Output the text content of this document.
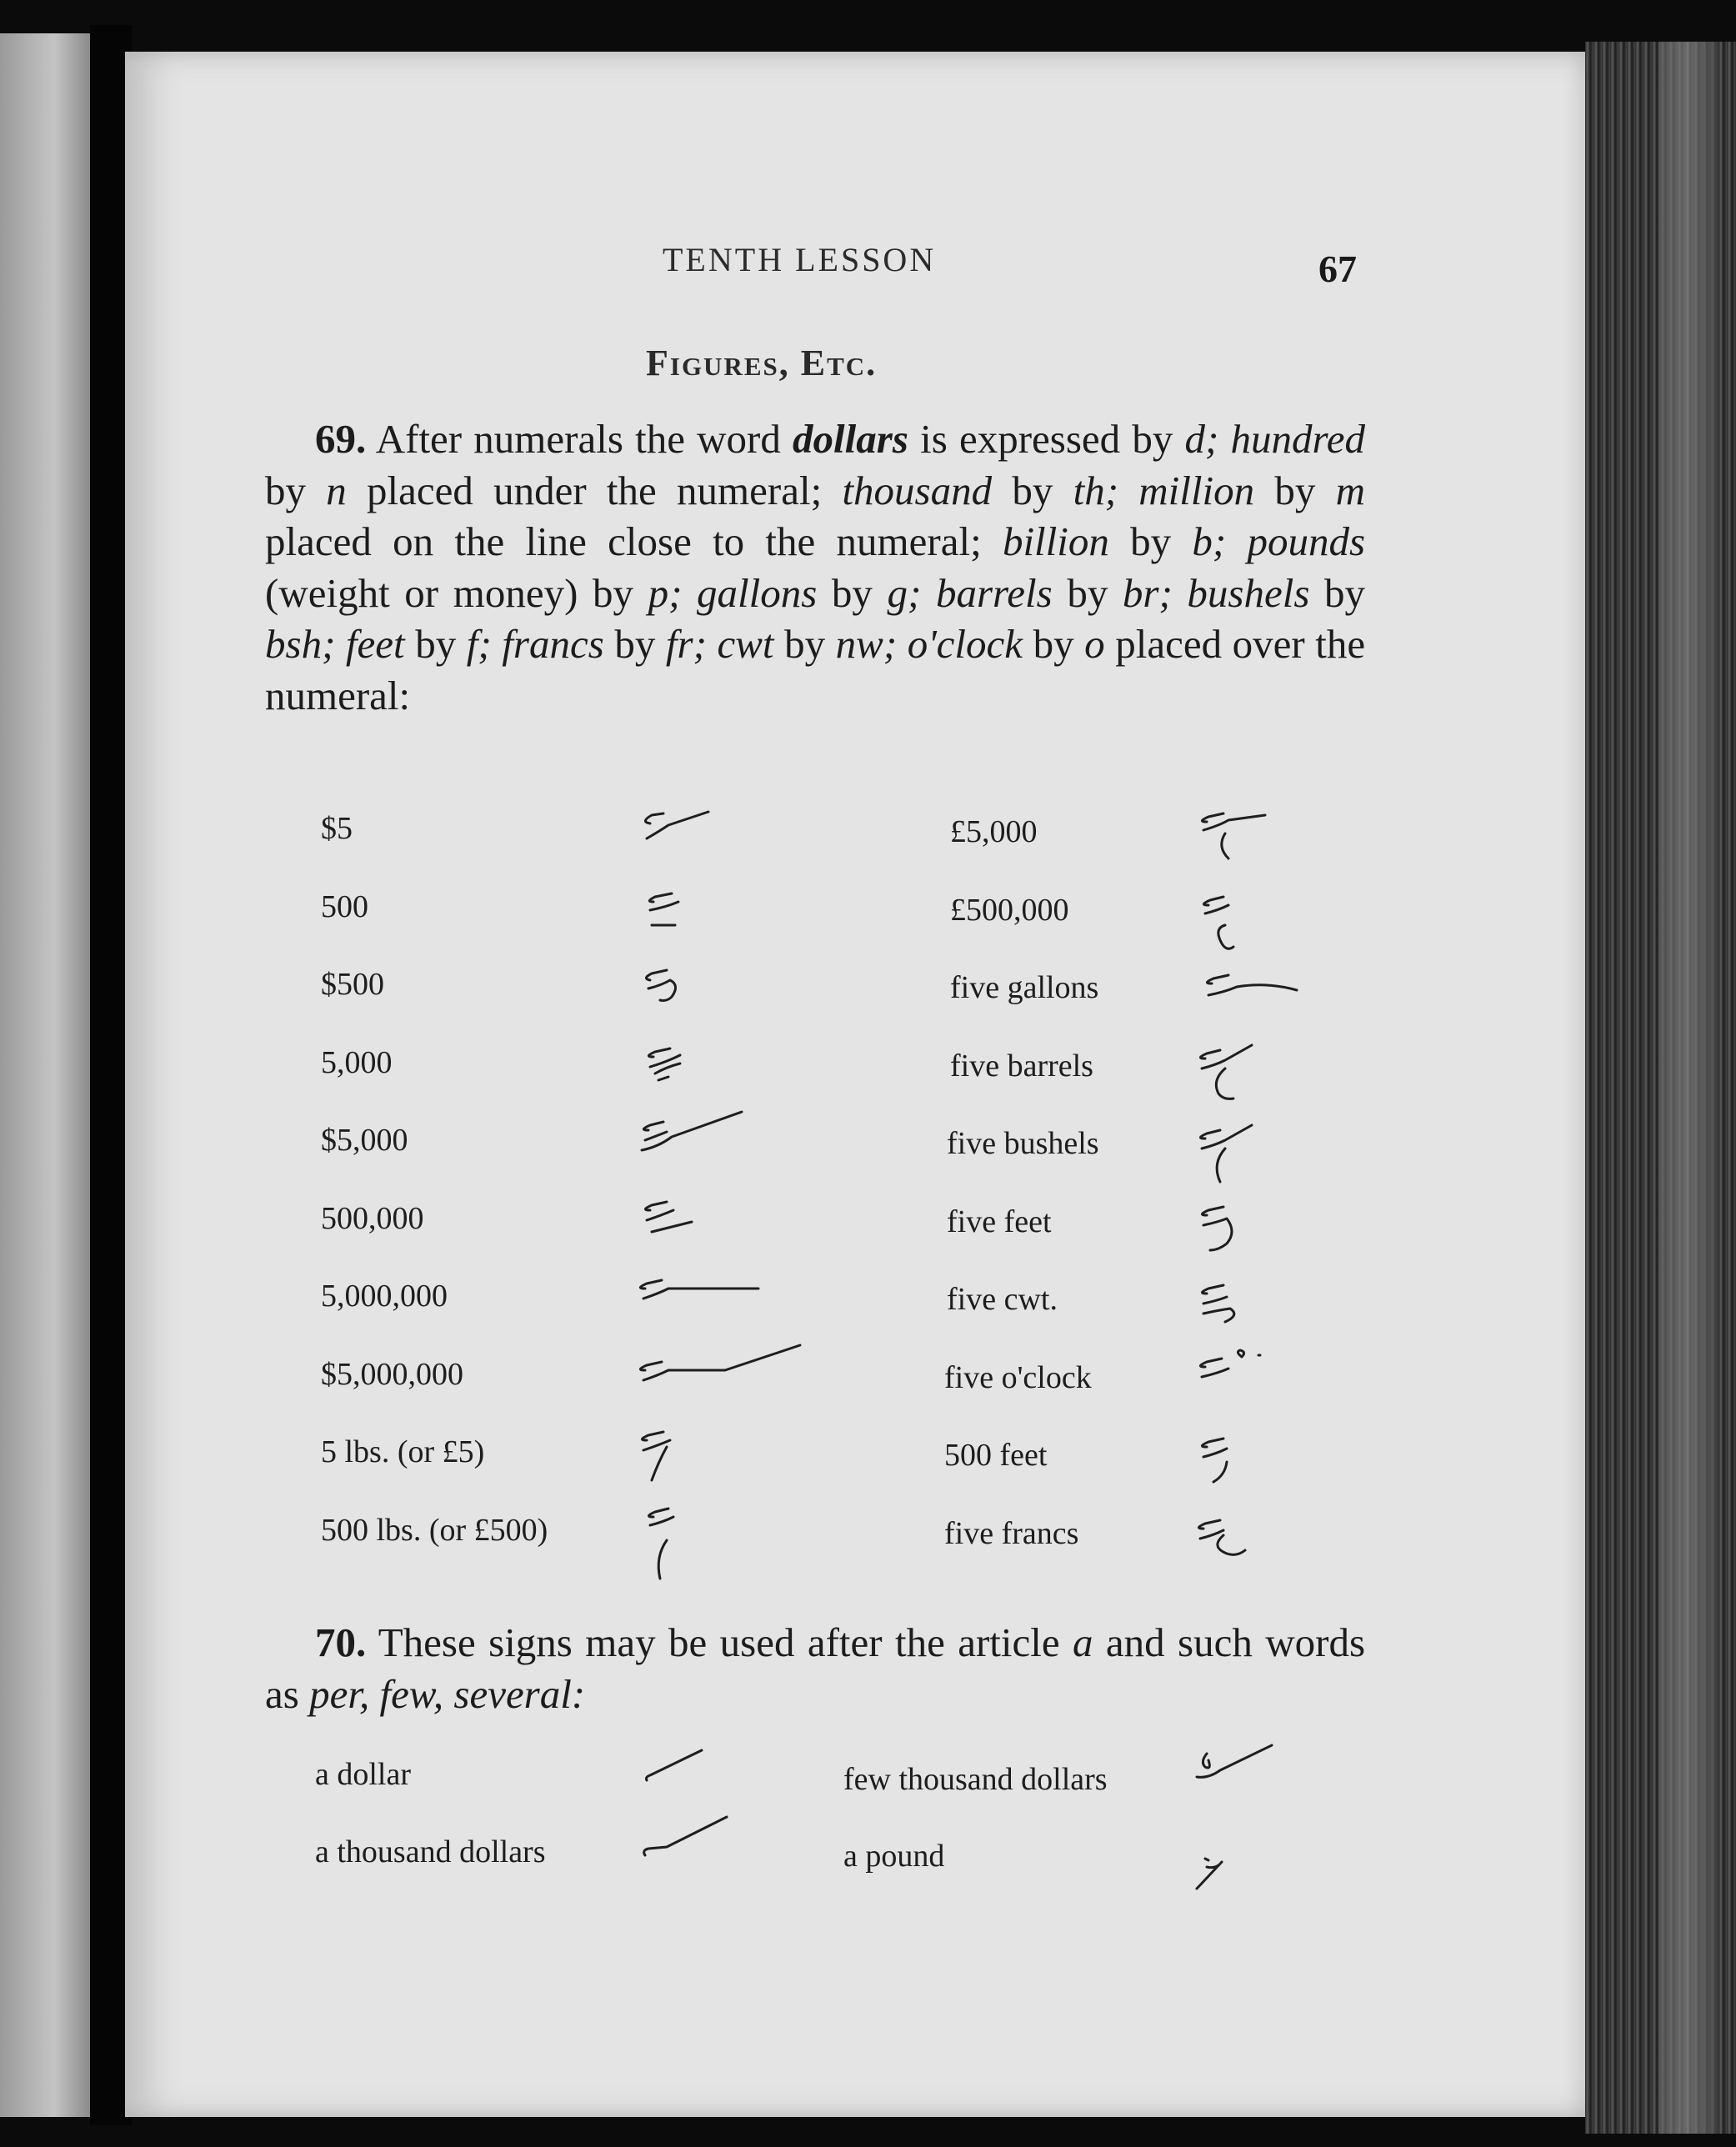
TENTH LESSON	67
Figures, Etc.
69. After numerals the word dollars is expressed by d; hundred by n placed under the numeral; thousand by th; million by m placed on the line close to the numeral; billion by b; pounds (weight or money) by p; gallons by g; barrels by br; bushels by bsh; feet by f; francs by fr; cwt by nw; o'clock by o placed over the numeral:
$5
500
$500
5,000
$5,000
500,000
5,000,000
$5,000,000
5 lbs. (or £5)
500 lbs. (or £500)
£5,000
£500,000
five gallons
five barrels
five bushels
five feet
five cwt.
five o'clock
500 feet
five francs
70. These signs may be used after the article a and such words as per, few, several:
a dollar
a thousand dollars
few thousand dollars
a pound
